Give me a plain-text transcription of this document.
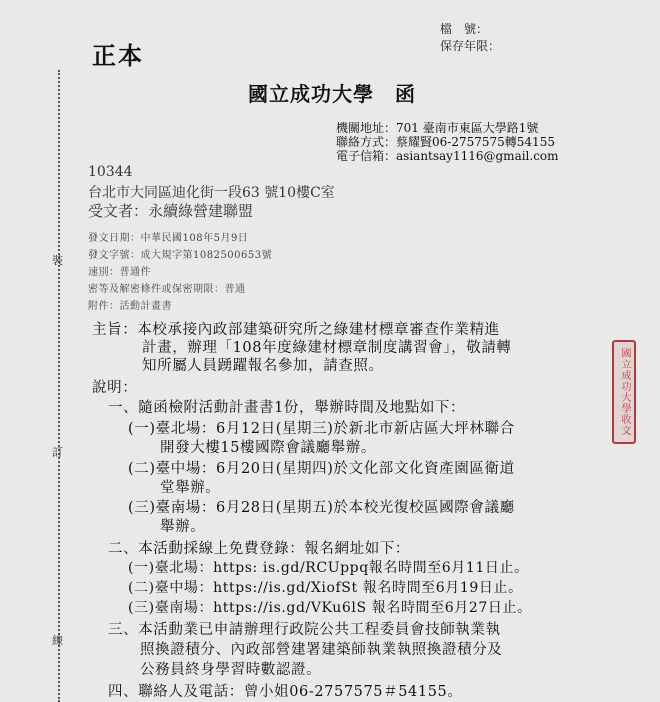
裝
訂
線
正本
檔　號：
保存年限：
國立成功大學　函
機關地址：701 臺南市東區大學路1號
聯絡方式：蔡耀賢06-2757575轉54155
電子信箱：asiantsay1116@gmail.com
10344
台北市大同區迪化街一段63 號10樓C室
受文者：永續綠營建聯盟
發文日期：中華民國108年5月9日
發文字號：成大規字第1082500653號
速別：普通件
密等及解密條件或保密期限：普通
附件：活動計畫書
主旨：本校承接內政部建築研究所之綠建材標章審查作業精進
計畫，辦理「108年度綠建材標章制度講習會」，敬請轉
知所屬人員踴躍報名參加，請查照。
說明：
一、隨函檢附活動計畫書1份，舉辦時間及地點如下：
(一)臺北場：6月12日(星期三)於新北市新店區大坪林聯合
開發大樓15樓國際會議廳舉辦。
(二)臺中場：6月20日(星期四)於文化部文化資產園區衛道
堂舉辦。
(三)臺南場：6月28日(星期五)於本校光復校區國際會議廳
舉辦。
二、本活動採線上免費登錄：報名網址如下：
(一)臺北場：https: is.gd/RCUppq報名時間至6月11日止。
(二)臺中場：https://is.gd/XiofSt 報名時間至6月19日止。
(三)臺南場：https://is.gd/VKu6lS 報名時間至6月27日止。
三、本活動業已申請辦理行政院公共工程委員會技師執業執
照換證積分、內政部營建署建築師執業執照換證積分及
公務員終身學習時數認證。
四、聯絡人及電話：曾小姐06-2757575＃54155。
國立成功大學收文
